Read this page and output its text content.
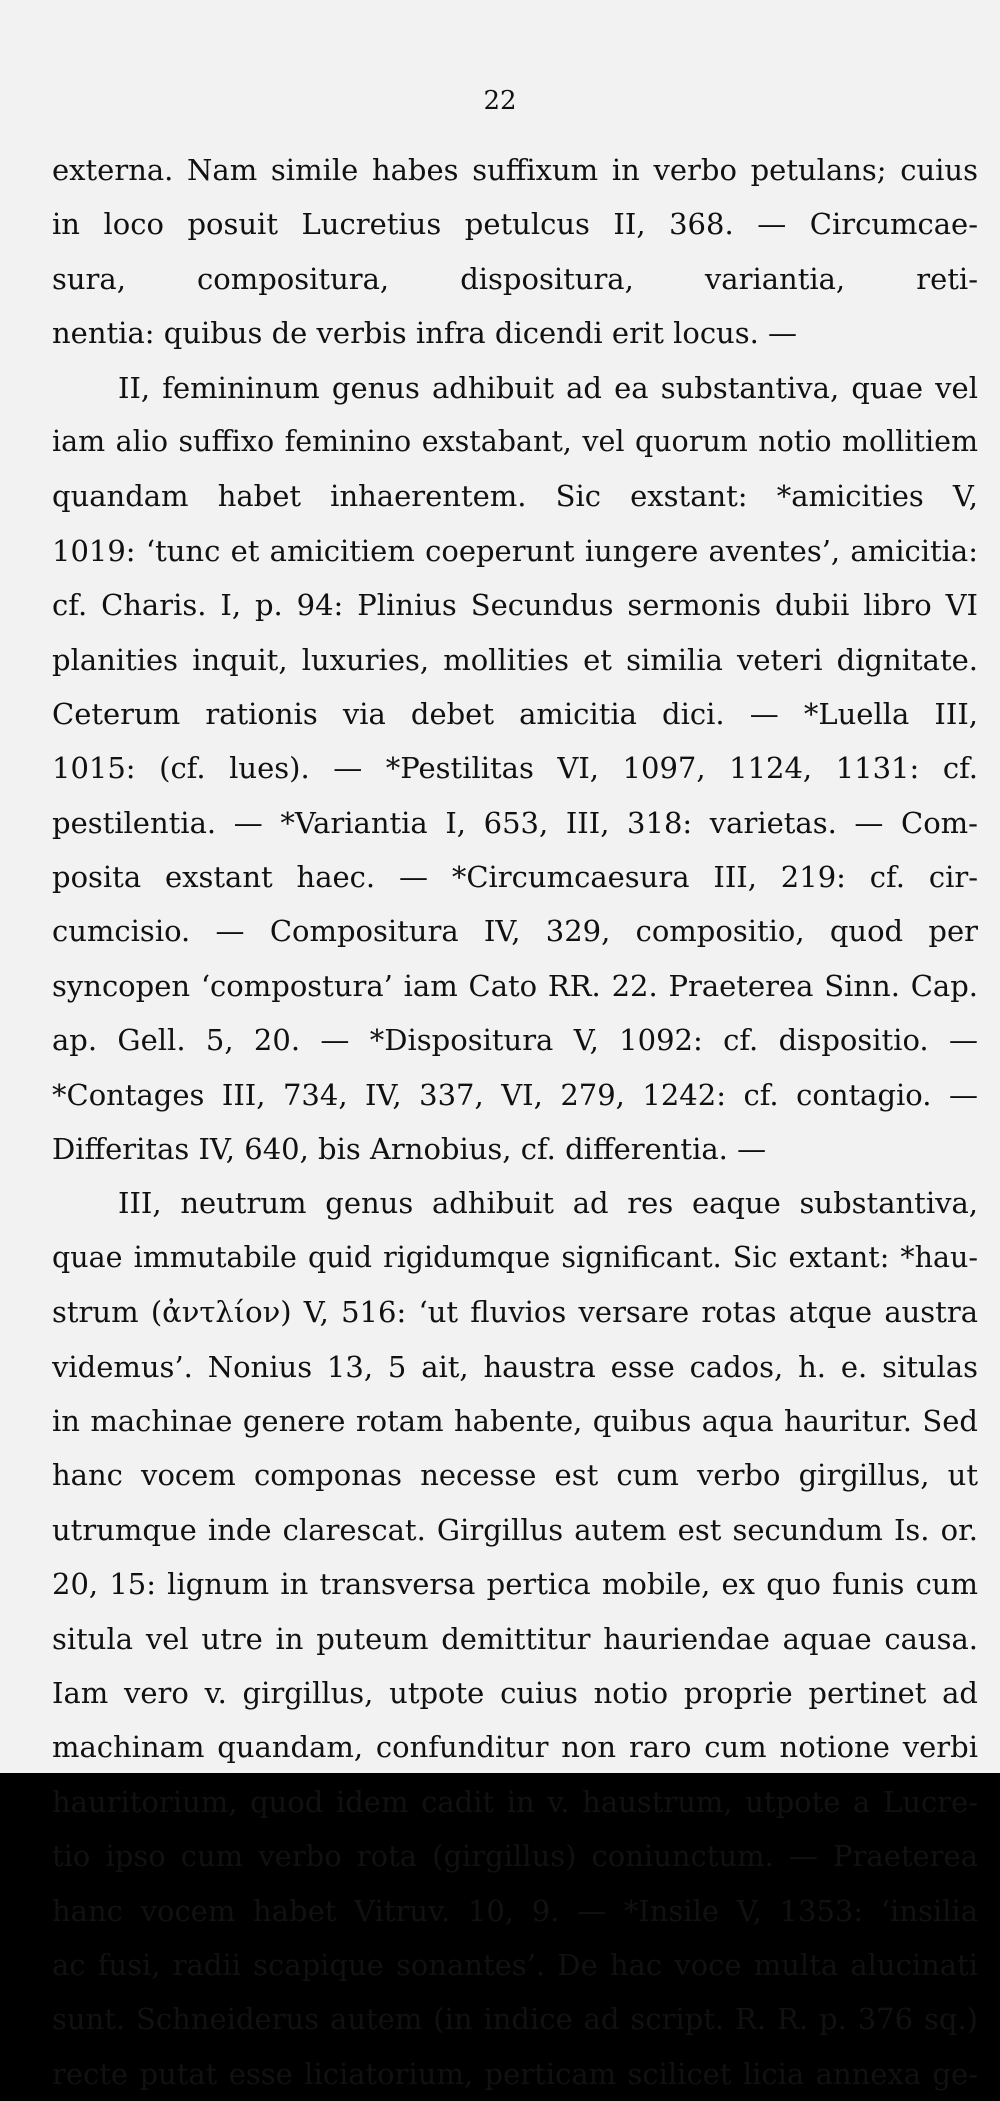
22
externa. Nam simile habes suffixum in verbo petulans; cuius
in loco posuit Lucretius petulcus II, 368. — Circumcae-
sura, compositura, dispositura, variantia, reti-
nentia: quibus de verbis infra dicendi erit locus. —
II, femininum genus adhibuit ad ea substantiva, quae vel
iam alio suffixo feminino exstabant, vel quorum notio mollitiem
quandam habet inhaerentem. Sic exstant: *amicities V,
1019: ‘tunc et amicitiem coeperunt iungere aventes’, amicitia:
cf. Charis. I, p. 94: Plinius Secundus sermonis dubii libro VI
planities inquit, luxuries, mollities et similia veteri dignitate.
Ceterum rationis via debet amicitia dici. — *Luella III,
1015: (cf. lues). — *Pestilitas VI, 1097, 1124, 1131: cf.
pestilentia. — *Variantia I, 653, III, 318: varietas. — Com-
posita exstant haec. — *Circumcaesura III, 219: cf. cir-
cumcisio. — Compositura IV, 329, compositio, quod per
syncopen ‘compostura’ iam Cato RR. 22. Praeterea Sinn. Cap.
ap. Gell. 5, 20. — *Dispositura V, 1092: cf. dispositio. —
*Contages III, 734, IV, 337, VI, 279, 1242: cf. contagio. —
Differitas IV, 640, bis Arnobius, cf. differentia. —
III, neutrum genus adhibuit ad res eaque substantiva,
quae immutabile quid rigidumque significant. Sic extant: *hau-
strum (ἀντλίον) V, 516: ‘ut fluvios versare rotas atque austra
videmus’. Nonius 13, 5 ait, haustra esse cados, h. e. situlas
in machinae genere rotam habente, quibus aqua hauritur. Sed
hanc vocem componas necesse est cum verbo girgillus, ut
utrumque inde clarescat. Girgillus autem est secundum Is. or.
20, 15: lignum in transversa pertica mobile, ex quo funis cum
situla vel utre in puteum demittitur hauriendae aquae causa.
Iam vero v. girgillus, utpote cuius notio proprie pertinet ad
machinam quandam, confunditur non raro cum notione verbi
hauritorium, quod idem cadit in v. haustrum, utpote a Lucre-
tio ipso cum verbo rota (girgillus) coniunctum. — Praeterea
hanc vocem habet Vitruv. 10, 9. — *Insile V, 1353: ‘insilia
ac fusi, radii scapique sonantes’. De hac voce multa alucinati
sunt. Schneiderus autem (in indice ad script. R. R. p. 376 sq.)
recte putat esse liciatorium, perticam scilicet licia annexa ge-
